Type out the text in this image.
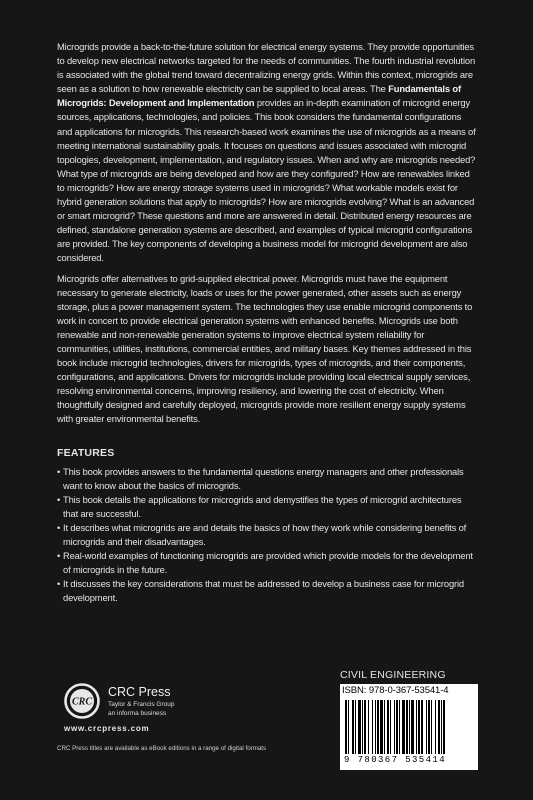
Microgrids provide a back-to-the-future solution for electrical energy systems. They provide opportunities to develop new electrical networks targeted for the needs of communities. The fourth industrial revolution is associated with the global trend toward decentralizing energy grids. Within this context, microgrids are seen as a solution to how renewable electricity can be supplied to local areas. The Fundamentals of Microgrids: Development and Implementation provides an in-depth examination of microgrid energy sources, applications, technologies, and policies. This book considers the fundamental configurations and applications for microgrids. This research-based work examines the use of microgrids as a means of meeting international sustainability goals. It focuses on questions and issues associated with microgrid topologies, development, implementation, and regulatory issues. When and why are microgrids needed? What type of microgrids are being developed and how are they configured? How are renewables linked to microgrids? How are energy storage systems used in microgrids? What workable models exist for hybrid generation solutions that apply to microgrids? How are microgrids evolving? What is an advanced or smart microgrid? These questions and more are answered in detail. Distributed energy resources are defined, standalone generation systems are described, and examples of typical microgrid configurations are provided. The key components of developing a business model for microgrid development are also considered.

Microgrids offer alternatives to grid-supplied electrical power. Microgrids must have the equipment necessary to generate electricity, loads or uses for the power generated, other assets such as energy storage, plus a power management system. The technologies they use enable microgrid components to work in concert to provide electrical generation systems with enhanced benefits. Microgrids use both renewable and non-renewable generation systems to improve electrical system reliability for communities, utilities, institutions, commercial entities, and military bases. Key themes addressed in this book include microgrid technologies, drivers for microgrids, types of microgrids, and their components, configurations, and applications. Drivers for microgrids include providing local electrical supply services, resolving environmental concerns, improving resiliency, and lowering the cost of electricity. When thoughtfully designed and carefully deployed, microgrids provide more resilient energy supply systems with greater environmental benefits.

FEATURES
• This book provides answers to the fundamental questions energy managers and other professionals want to know about the basics of microgrids.
• This book details the applications for microgrids and demystifies the types of microgrid architectures that are successful.
• It describes what microgrids are and details the basics of how they work while considering benefits of microgrids and their disadvantages.
• Real-world examples of functioning microgrids are provided which provide models for the development of microgrids in the future.
• It discusses the key considerations that must be addressed to develop a business case for microgrid development.
CRC
CRC Press
Taylor & Francis Group
an informa business
www.crcpress.com
CRC Press titles are available as eBook editions in a range of digital formats
CIVIL ENGINEERING
ISBN: 978-0-367-53541-4
9 780367 535414
